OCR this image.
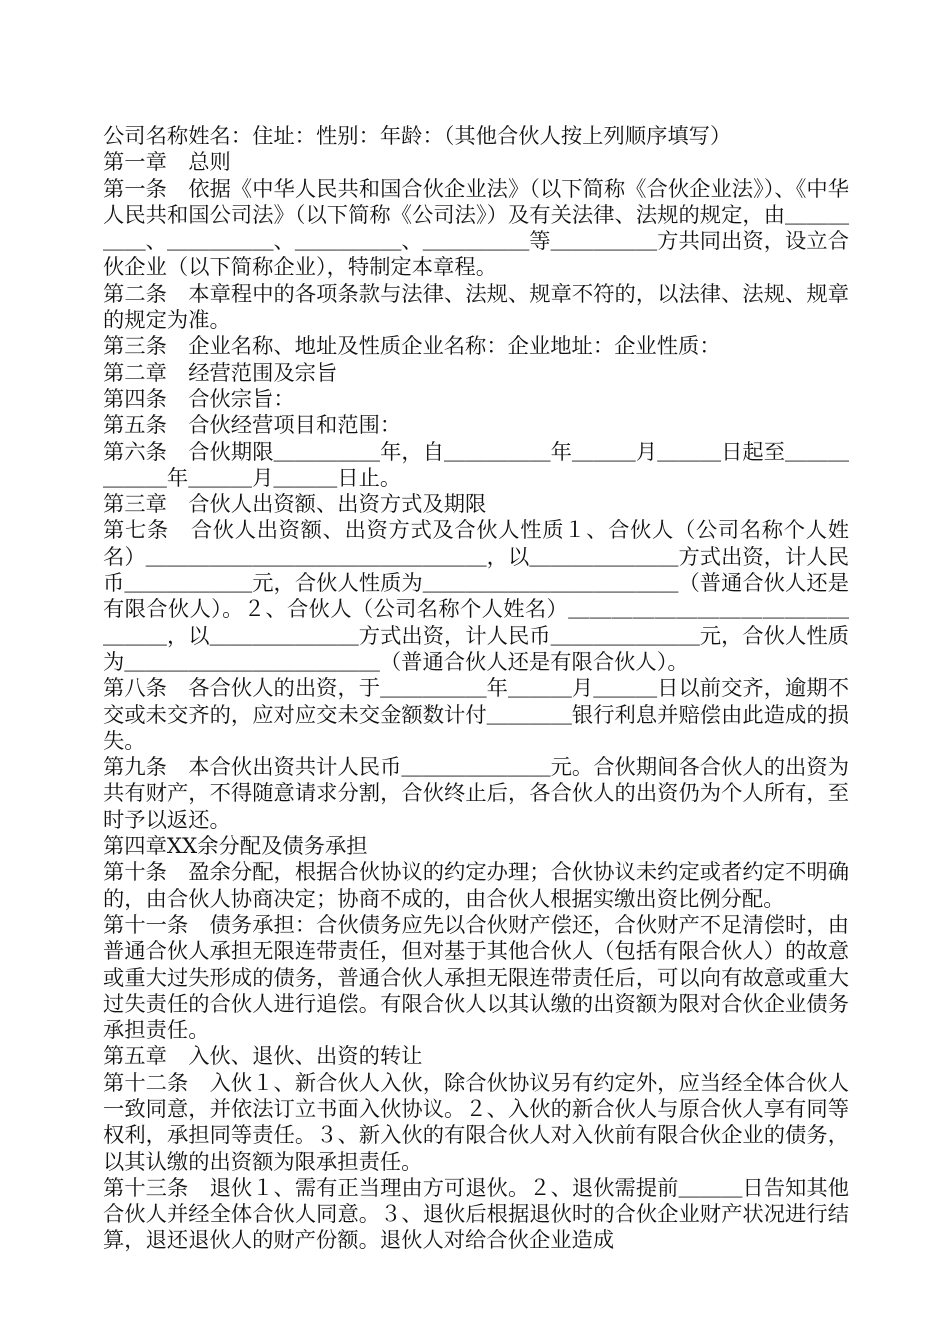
公司名称姓名：住址：性别：年龄：（其他合伙人按上列顺序填写）

第一章　总则

第一条　依据《中华人民共和国合伙企业法》（以下简称《合伙企业法》）、《中华人民共和国公司法》（以下简称《公司法》）及有关法律、法规的规定，由＿＿＿＿＿、＿＿＿＿＿、＿＿＿＿＿、＿＿＿＿＿等＿＿＿＿＿方共同出资，设立合伙企业（以下简称企业），特制定本章程。

第二条　本章程中的各项条款与法律、法规、规章不符的，以法律、法规、规章的规定为准。

第三条　企业名称、地址及性质企业名称：企业地址：企业性质：

第二章　经营范围及宗旨

第四条　合伙宗旨：

第五条　合伙经营项目和范围：

第六条　合伙期限＿＿＿＿＿年，自＿＿＿＿＿年＿＿＿月＿＿＿日起至＿＿＿＿＿＿年＿＿＿月＿＿＿日止。

第三章　合伙人出资额、出资方式及期限

第七条　合伙人出资额、出资方式及合伙人性质１、合伙人（公司名称个人姓名）＿＿＿＿＿＿＿＿＿＿＿＿＿＿＿＿，以＿＿＿＿＿＿＿方式出资，计人民币＿＿＿＿＿＿元，合伙人性质为＿＿＿＿＿＿＿＿＿＿＿＿（普通合伙人还是有限合伙人）。２、合伙人（公司名称个人姓名）＿＿＿＿＿＿＿＿＿＿＿＿＿＿＿＿，以＿＿＿＿＿＿＿方式出资，计人民币＿＿＿＿＿＿＿元，合伙人性质为＿＿＿＿＿＿＿＿＿＿＿＿（普通合伙人还是有限合伙人）。

第八条　各合伙人的出资，于＿＿＿＿＿年＿＿＿月＿＿＿日以前交齐，逾期不交或未交齐的，应对应交未交金额数计付＿＿＿＿银行利息并赔偿由此造成的损失。

第九条　本合伙出资共计人民币＿＿＿＿＿＿＿元。合伙期间各合伙人的出资为共有财产，不得随意请求分割，合伙终止后，各合伙人的出资仍为个人所有，至时予以返还。

第四章XX余分配及债务承担

第十条　盈余分配，根据合伙协议的约定办理；合伙协议未约定或者约定不明确的，由合伙人协商决定；协商不成的，由合伙人根据实缴出资比例分配。

第十一条　债务承担：合伙债务应先以合伙财产偿还，合伙财产不足清偿时，由普通合伙人承担无限连带责任，但对基于其他合伙人（包括有限合伙人）的故意或重大过失形成的债务，普通合伙人承担无限连带责任后，可以向有故意或重大过失责任的合伙人进行追偿。有限合伙人以其认缴的出资额为限对合伙企业债务承担责任。

第五章　入伙、退伙、出资的转让

第十二条　入伙１、新合伙人入伙，除合伙协议另有约定外，应当经全体合伙人一致同意，并依法订立书面入伙协议。２、入伙的新合伙人与原合伙人享有同等权利，承担同等责任。３、新入伙的有限合伙人对入伙前有限合伙企业的债务，以其认缴的出资额为限承担责任。

第十三条　退伙１、需有正当理由方可退伙。２、退伙需提前＿＿＿日告知其他合伙人并经全体合伙人同意。３、退伙后根据退伙时的合伙企业财产状况进行结算，退还退伙人的财产份额。退伙人对给合伙企业造成
